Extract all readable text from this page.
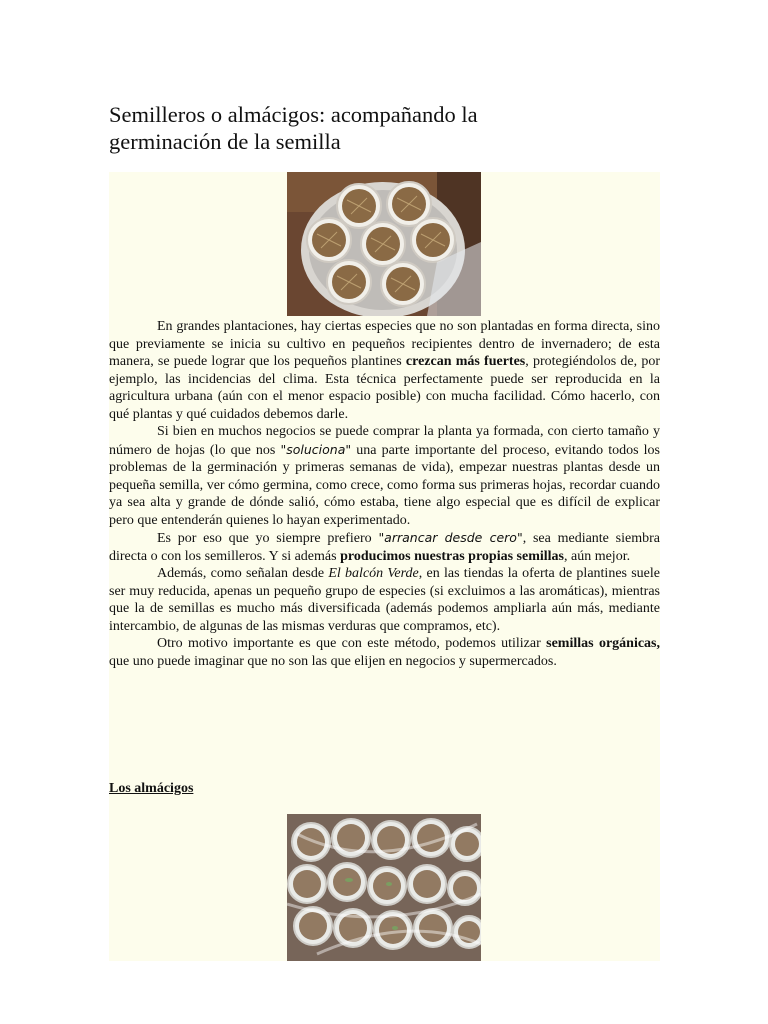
Semilleros o almácigos: acompañando la germinación de la semilla

En grandes plantaciones, hay ciertas especies que no son plantadas en forma directa, sino que previamente se inicia su cultivo en pequeños recipientes dentro de invernadero; de esta manera, se puede lograr que los pequeños plantines crezcan más fuertes, protegiéndolos de, por ejemplo, las incidencias del clima. Esta técnica perfectamente puede ser reproducida en la agricultura urbana (aún con el menor espacio posible) con mucha facilidad. Cómo hacerlo, con qué plantas y qué cuidados debemos darle.

Si bien en muchos negocios se puede comprar la planta ya formada, con cierto tamaño y número de hojas (lo que nos "soluciona" una parte importante del proceso, evitando todos los problemas de la germinación y primeras semanas de vida), empezar nuestras plantas desde un pequeña semilla, ver cómo germina, como crece, como forma sus primeras hojas, recordar cuando ya sea alta y grande de dónde salió, cómo estaba, tiene algo especial que es difícil de explicar pero que entenderán quienes lo hayan experimentado.

Es por eso que yo siempre prefiero "arrancar desde cero", sea mediante siembra directa o con los semilleros. Y si además producimos nuestras propias semillas, aún mejor.

Además, como señalan desde El balcón Verde, en las tiendas la oferta de plantines suele ser muy reducida, apenas un pequeño grupo de especies (si excluimos a las aromáticas), mientras que la de semillas es mucho más diversificada (además podemos ampliarla aún más, mediante intercambio, de algunas de las mismas verduras que compramos, etc).

Otro motivo importante es que con este método, podemos utilizar semillas orgánicas, que uno puede imaginar que no son las que elijen en negocios y supermercados.

Los almácigos
